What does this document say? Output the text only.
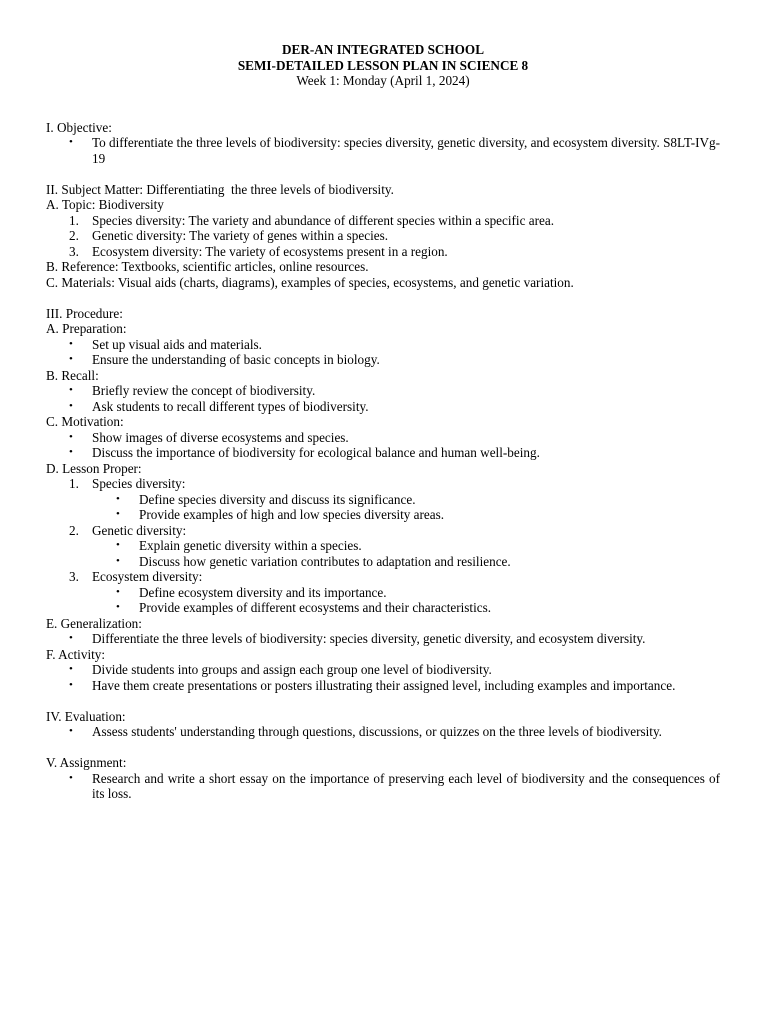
DER-AN INTEGRATED SCHOOL
SEMI-DETAILED LESSON PLAN IN SCIENCE 8
Week 1: Monday (April 1, 2024)
I. Objective:
• To differentiate the three levels of biodiversity: species diversity, genetic diversity, and ecosystem diversity. S8LT-IVg-19
II. Subject Matter: Differentiating  the three levels of biodiversity.
A. Topic: Biodiversity
1. Species diversity: The variety and abundance of different species within a specific area.
2. Genetic diversity: The variety of genes within a species.
3. Ecosystem diversity: The variety of ecosystems present in a region.
B. Reference: Textbooks, scientific articles, online resources.
C. Materials: Visual aids (charts, diagrams), examples of species, ecosystems, and genetic variation.
III. Procedure:
A. Preparation:
• Set up visual aids and materials.
• Ensure the understanding of basic concepts in biology.
B. Recall:
• Briefly review the concept of biodiversity.
• Ask students to recall different types of biodiversity.
C. Motivation:
• Show images of diverse ecosystems and species.
• Discuss the importance of biodiversity for ecological balance and human well-being.
D. Lesson Proper:
1. Species diversity:
• Define species diversity and discuss its significance.
• Provide examples of high and low species diversity areas.
2. Genetic diversity:
• Explain genetic diversity within a species.
• Discuss how genetic variation contributes to adaptation and resilience.
3. Ecosystem diversity:
• Define ecosystem diversity and its importance.
• Provide examples of different ecosystems and their characteristics.
E. Generalization:
• Differentiate the three levels of biodiversity: species diversity, genetic diversity, and ecosystem diversity.
F. Activity:
• Divide students into groups and assign each group one level of biodiversity.
• Have them create presentations or posters illustrating their assigned level, including examples and importance.
IV. Evaluation:
• Assess students' understanding through questions, discussions, or quizzes on the three levels of biodiversity.
V. Assignment:
• Research and write a short essay on the importance of preserving each level of biodiversity and the consequences of its loss.
